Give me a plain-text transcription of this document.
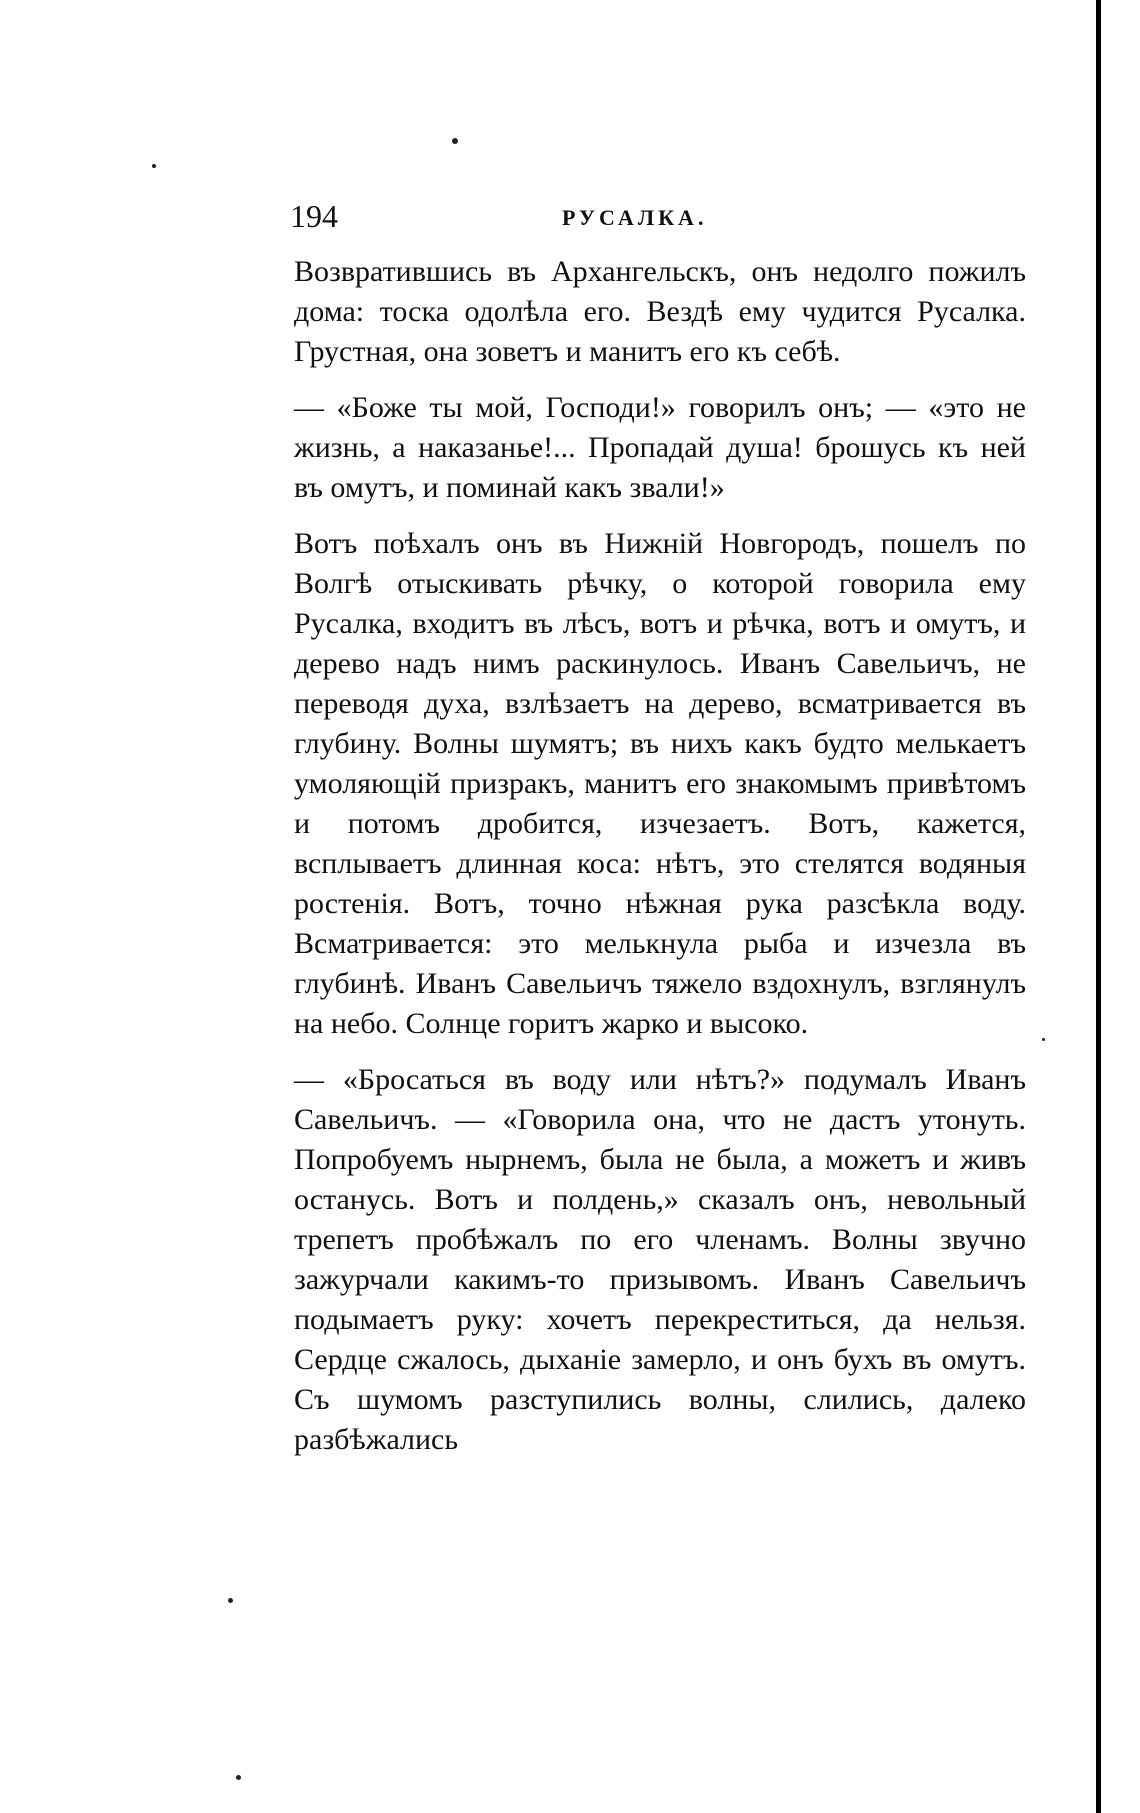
194	РУСАЛКА.

Возвратившись въ Архангельскъ, онъ недолго пожилъ дома: тоска одолѣла его. Вездѣ ему чудится Русалка. Грустная, она зоветъ и манитъ его къ себѣ.

— «Боже ты мой, Господи!» говорилъ онъ; — «это не жизнь, а наказанье!... Пропадай душа! брошусь къ ней въ омутъ, и поминай какъ звали!»

Вотъ поѣхалъ онъ въ Нижній Новгородъ, пошелъ по Волгѣ отыскивать рѣчку, о которой говорила ему Русалка, входитъ въ лѣсъ, вотъ и рѣчка, вотъ и омутъ, и дерево надъ нимъ раскинулось. Иванъ Савельичъ, не переводя духа, взлѣзаетъ на дерево, всматривается въ глубину. Волны шумятъ; въ нихъ какъ будто мелькаетъ умоляющій призракъ, манитъ его знакомымъ привѣтомъ и потомъ дробится, изчезаетъ. Вотъ, кажется, всплываетъ длинная коса: нѣтъ, это стелятся водяныя ростенія. Вотъ, точно нѣжная рука разсѣкла воду. Всматривается: это мелькнула рыба и изчезла въ глубинѣ. Иванъ Савельичъ тяжело вздохнулъ, взглянулъ на небо. Солнце горитъ жарко и высоко.

— «Бросаться въ воду или нѣтъ?» подумалъ Иванъ Савельичъ. — «Говорила она, что не дастъ утонуть. Попробуемъ нырнемъ, была не была, а можетъ и живъ останусь. Вотъ и полдень,» сказалъ онъ, невольный трепетъ пробѣжалъ по его членамъ. Волны звучно зажурчали какимъ-то призывомъ. Иванъ Савельичъ подымаетъ руку: хочетъ перекреститься, да нельзя. Сердце сжалось, дыханіе замерло, и онъ бухъ въ омутъ. Съ шумомъ разступились волны, слились, далеко разбѣжались
